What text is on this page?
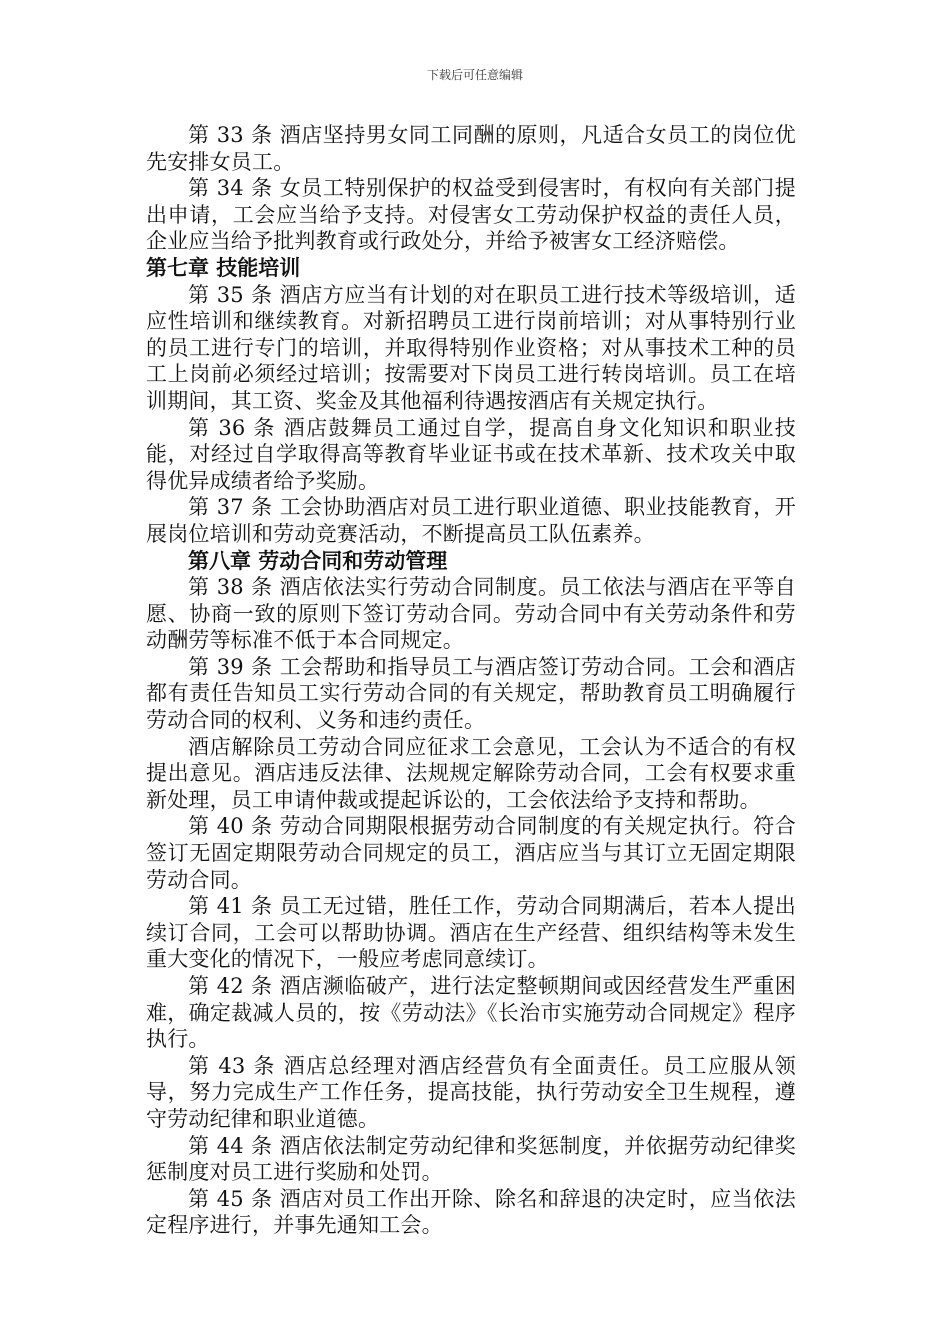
下载后可任意编辑

第 33 条 酒店坚持男女同工同酬的原则，凡适合女员工的岗位优先安排女员工。

第 34 条 女员工特别保护的权益受到侵害时，有权向有关部门提出申请，工会应当给予支持。对侵害女工劳动保护权益的责任人员，企业应当给予批判教育或行政处分，并给予被害女工经济赔偿。

第七章 技能培训

第 35 条 酒店方应当有计划的对在职员工进行技术等级培训，适应性培训和继续教育。对新招聘员工进行岗前培训；对从事特别行业的员工进行专门的培训，并取得特别作业资格；对从事技术工种的员工上岗前必须经过培训；按需要对下岗员工进行转岗培训。员工在培训期间，其工资、奖金及其他福利待遇按酒店有关规定执行。

第 36 条 酒店鼓舞员工通过自学，提高自身文化知识和职业技能，对经过自学取得高等教育毕业证书或在技术革新、技术攻关中取得优异成绩者给予奖励。

第 37 条 工会协助酒店对员工进行职业道德、职业技能教育，开展岗位培训和劳动竞赛活动，不断提高员工队伍素养。

第八章 劳动合同和劳动管理

第 38 条 酒店依法实行劳动合同制度。员工依法与酒店在平等自愿、协商一致的原则下签订劳动合同。劳动合同中有关劳动条件和劳动酬劳等标准不低于本合同规定。

第 39 条 工会帮助和指导员工与酒店签订劳动合同。工会和酒店都有责任告知员工实行劳动合同的有关规定，帮助教育员工明确履行劳动合同的权利、义务和违约责任。

酒店解除员工劳动合同应征求工会意见，工会认为不适合的有权提出意见。酒店违反法律、法规规定解除劳动合同，工会有权要求重新处理，员工申请仲裁或提起诉讼的，工会依法给予支持和帮助。

第 40 条 劳动合同期限根据劳动合同制度的有关规定执行。符合签订无固定期限劳动合同规定的员工，酒店应当与其订立无固定期限劳动合同。

第 41 条 员工无过错，胜任工作，劳动合同期满后，若本人提出续订合同，工会可以帮助协调。酒店在生产经营、组织结构等未发生重大变化的情况下，一般应考虑同意续订。

第 42 条 酒店濒临破产，进行法定整顿期间或因经营发生严重困难，确定裁减人员的，按《劳动法》《长治市实施劳动合同规定》程序执行。

第 43 条 酒店总经理对酒店经营负有全面责任。员工应服从领导，努力完成生产工作任务，提高技能，执行劳动安全卫生规程，遵守劳动纪律和职业道德。

第 44 条 酒店依法制定劳动纪律和奖惩制度，并依据劳动纪律奖惩制度对员工进行奖励和处罚。

第 45 条 酒店对员工作出开除、除名和辞退的决定时，应当依法定程序进行，并事先通知工会。
